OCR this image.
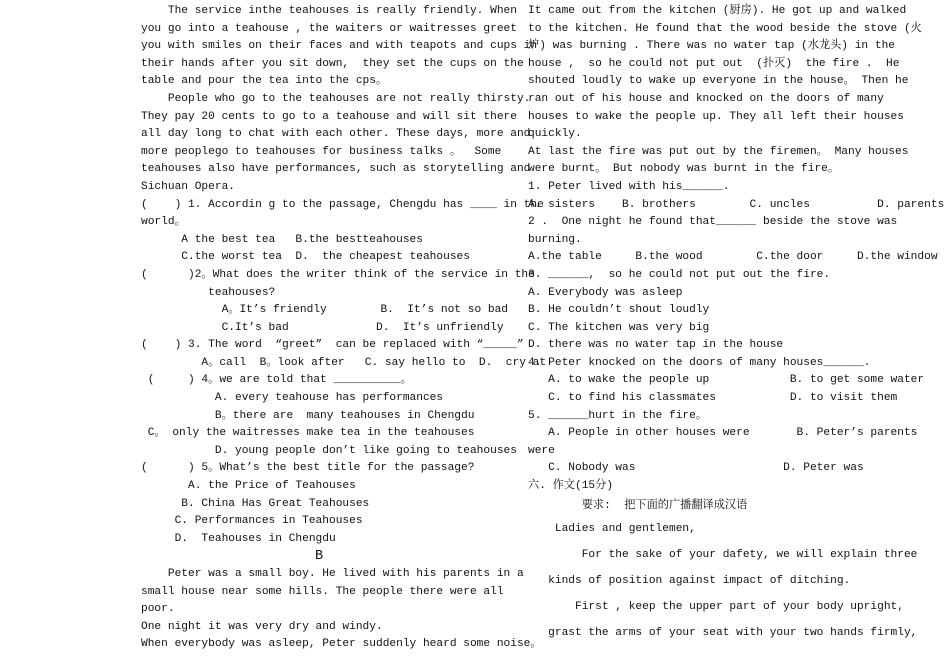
The service inthe teahouses is really friendly. When
you go into a teahouse , the waiters or waitresses greet
you with smiles on their faces and with teapots and cups in
their hands after you sit down,  they set the cups on the
table and pour the tea into the cps。
People who go to the teahouses are not really thirsty.
They pay 20 cents to go to a teahouse and will sit there
all day long to chat with each other. These days, more and
more peoplego to teahouses for business talks 。  Some
teahouses also have performances, such as storytelling and
Sichuan Opera.
(    ) 1. Accordin g to the passage, Chengdu has ____ in the
world。
A the best tea   B.the bestteahouses
C.the worst tea  D.  the cheapest teahouses
(      )2。What does the writer think of the service in the
teahouses?
A。It’s friendly        B.  It’s not so bad
C.It’s bad             D.  It’s unfriendly
(    ) 3. The word  “greet”  can be replaced with “_____”
A。call  B。look after   C. say hello to  D.  cry at
(     ) 4。we are told that __________。
A. every teahouse has performances
B。there are  many teahouses in Chengdu
C。 only the waitresses make tea in the teahouses
D. young people don’t like going to teahouses
(      ) 5。What’s the best title for the passage?
A. the Price of Teahouses
B. China Has Great Teahouses
C. Performances in Teahouses
D.  Teahouses in Chengdu
B
Peter was a small boy. He lived with his parents in a
small house near some hills. The people there were all
poor.
One night it was very dry and windy.
When everybody was asleep, Peter suddenly heard some noise。
It came out from the kitchen (厨房). He got up and walked
to the kitchen. He found that the wood beside the stove (火
炉) was burning . There was no water tap (水龙头) in the
house ,  so he could not put out  (扑灭)  the fire .  He
shouted loudly to wake up everyone in the house。 Then he
ran out of his house and knocked on the doors of many
houses to wake the people up. They all left their houses
quickly.
At last the fire was put out by the firemen。 Many houses
were burnt。 But nobody was burnt in the fire。
1. Peter lived with his______.
A. sisters    B. brothers        C. uncles          D. parents
2 .  One night he found that______ beside the stove was
burning.
A.the table     B.the wood        C.the door     D.the window
3. ______,  so he could not put out the fire.
A. Everybody was asleep
B. He couldn’t shout loudly
C. The kitchen was very big
D. there was no water tap in the house
4. Peter knocked on the doors of many houses______.
A. to wake the people up            B. to get some water
C. to find his classmates           D. to visit them
5. ______hurt in the fire。
A. People in other houses were       B. Peter’s parents
were
C. Nobody was                      D. Peter was
六. 作文(15分)
要求:  把下面的广播翻译成汉语
Ladies and gentlemen,
For the sake of your dafety, we will explain three
kinds of position against impact of ditching.
First , keep the upper part of your body upright,
grast the arms of your seat with your two hands firmly,
